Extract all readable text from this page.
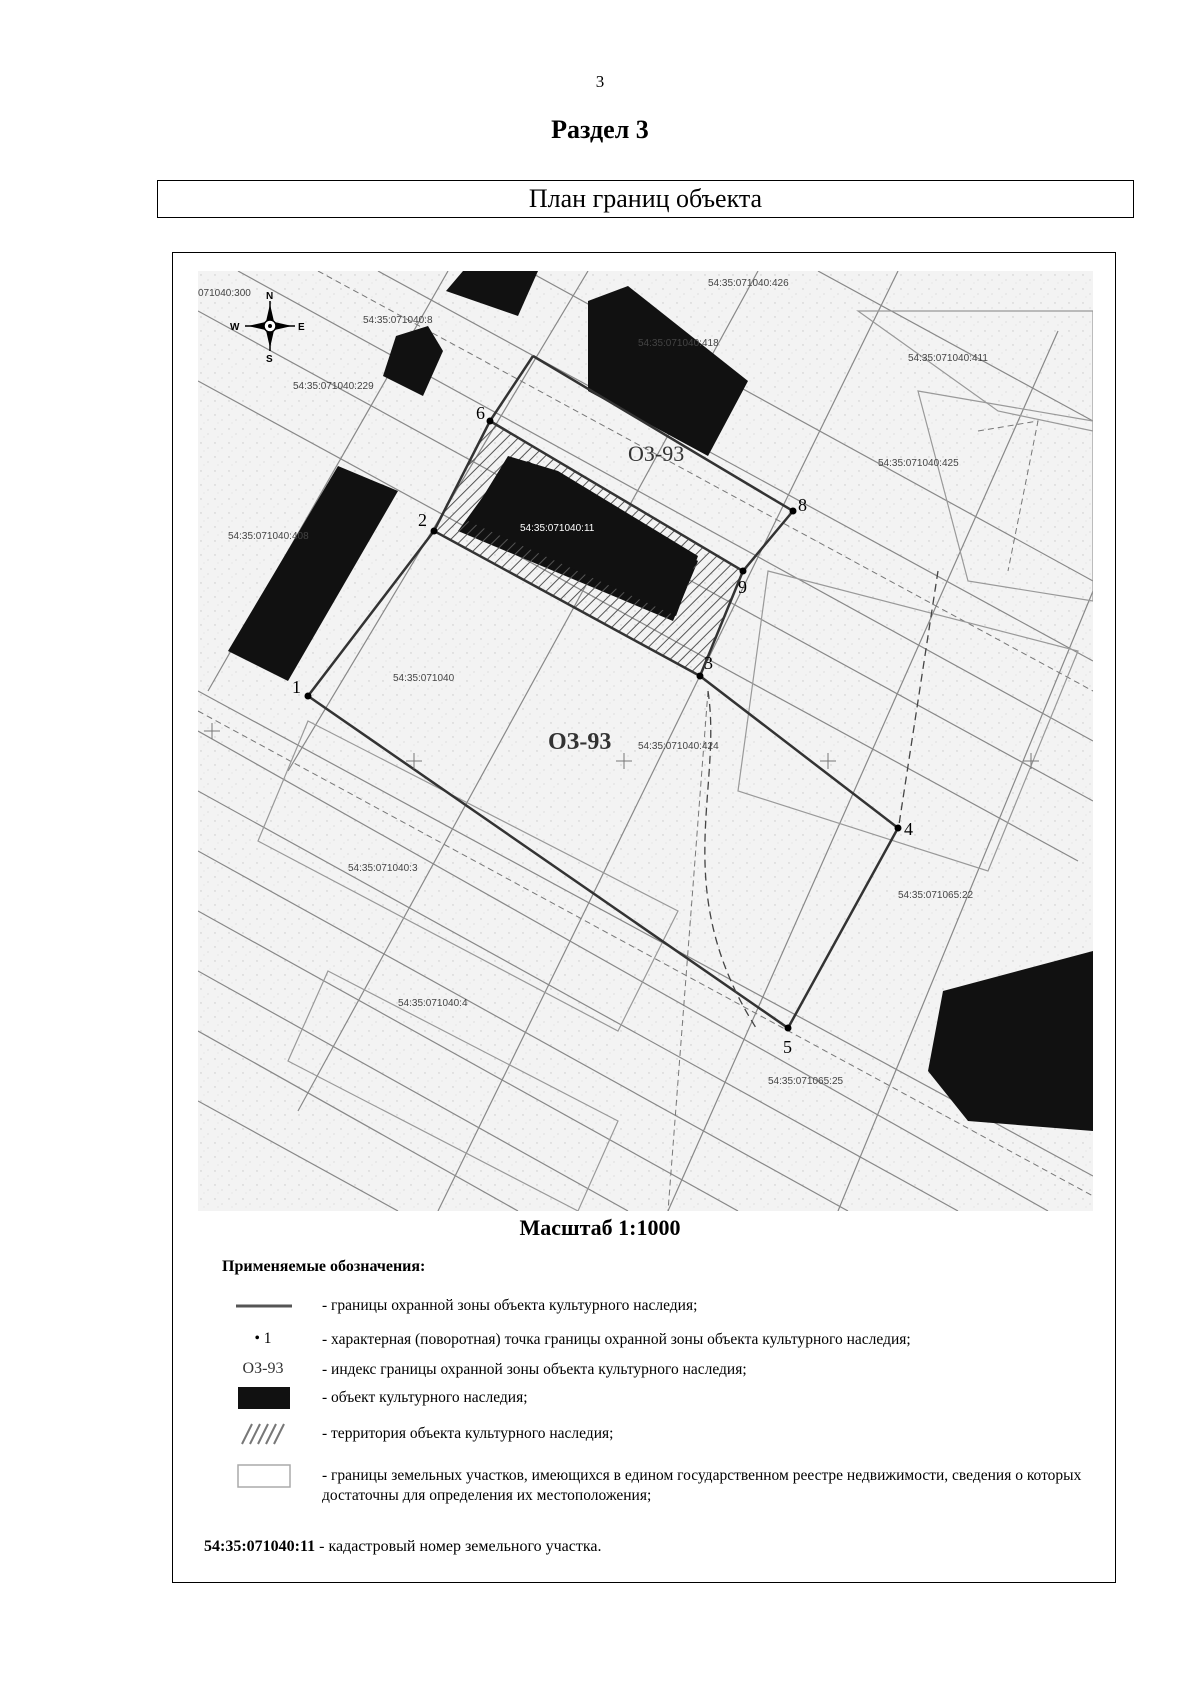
3
Раздел 3
План границ объекта
1
2
3
4
5
6
8
9
ОЗ-93
ОЗ-93
071040:300
54:35:071040:426
54:35:071040:8
54:35:071040:418
54:35:071040:411
54:35:071040:229
54:35:071040:425
54:35:071040:408
54:35:071040:11
54:35:071040
54:35:071040:424
54:35:071040:3
54:35:071065:22
54:35:071040:4
54:35:071065:25
N
S
W	E
Масштаб 1:1000
Применяемые обозначения:
- границы охранной зоны объекта культурного наследия;
• 1	- характерная (поворотная) точка границы охранной зоны объекта культурного наследия;
ОЗ-93	- индекс границы охранной зоны объекта культурного наследия;
- объект культурного наследия;
- территория объекта культурного наследия;
- границы земельных участков, имеющихся в едином государственном реестре недвижимости, сведения о которых достаточны для определения их местоположения;
54:35:071040:11 - кадастровый номер земельного участка.
